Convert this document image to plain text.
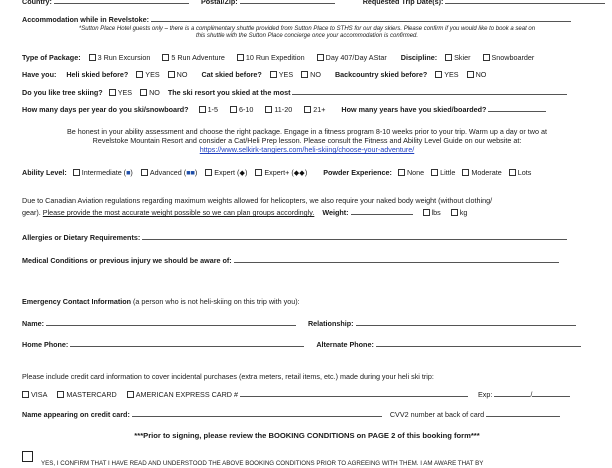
Country:	Postal/Zip:	Requested Trip Date(s):
Accommodation while in Revelstoke:
*Sutton Place Hotel guests only – there is a complimentary shuttle provided from Sutton Place to STHS for our day skiers. Please confirm if you would like to book a seat on
this shuttle with the Sutton Place concierge once your accommodation is confirmed.
Type of Package: 3 Run Excursion	5 Run Adventure	10 Run Expedition	Day 407/Day AStar Discipline: Skier	Snowboarder
Have you: Heli skied before? YES NO Cat skied before? YES NO Backcountry skied before? YES NO
Do you like tree skiing? YES NO The ski resort you skied at the most
How many days per year do you ski/snowboard?	1-5	6-10	11-20	21+ How many years have you skied/boarded?
Be honest in your ability assessment and choose the right package. Engage in a fitness program 8-10 weeks prior to your trip. Warm up a day or two at
Revelstoke Mountain Resort and consider a Cat/Heli Prep lesson. Please consult the Fitness and Ability Level Guide on our website at:
https://www.selkirk-tangiers.com/heli-skiing/choose-your-adventure/
Ability Level: Intermediate (■) Advanced (■■) Expert (◆) Expert+ (◆◆) Powder Experience: None Little Moderate Lots
Due to Canadian Aviation regulations regarding maximum weights allowed for helicopters, we also require your naked body weight (without clothing/
gear). Please provide the most accurate weight possible so we can plan groups accordingly. Weight:	lbs	kg
Allergies or Dietary Requirements:
Medical Conditions or previous injury we should be aware of:
Emergency Contact Information (a person who is not heli-skiing on this trip with you):
Name:	Relationship:
Home Phone:	Alternate Phone:
Please include credit card information to cover incidental purchases (extra meters, retail items, etc.) made during your heli ski trip:
VISA	MASTERCARD	AMERICAN EXPRESS CARD #	Exp:	/
Name appearing on credit card:	CVV2 number at back of card
***Prior to signing, please review the BOOKING CONDITIONS on PAGE 2 of this booking form***
YES, I CONFIRM THAT I HAVE READ AND UNDERSTOOD THE ABOVE BOOKING CONDITIONS PRIOR TO AGREEING WITH THEM. I AM AWARE THAT BY
